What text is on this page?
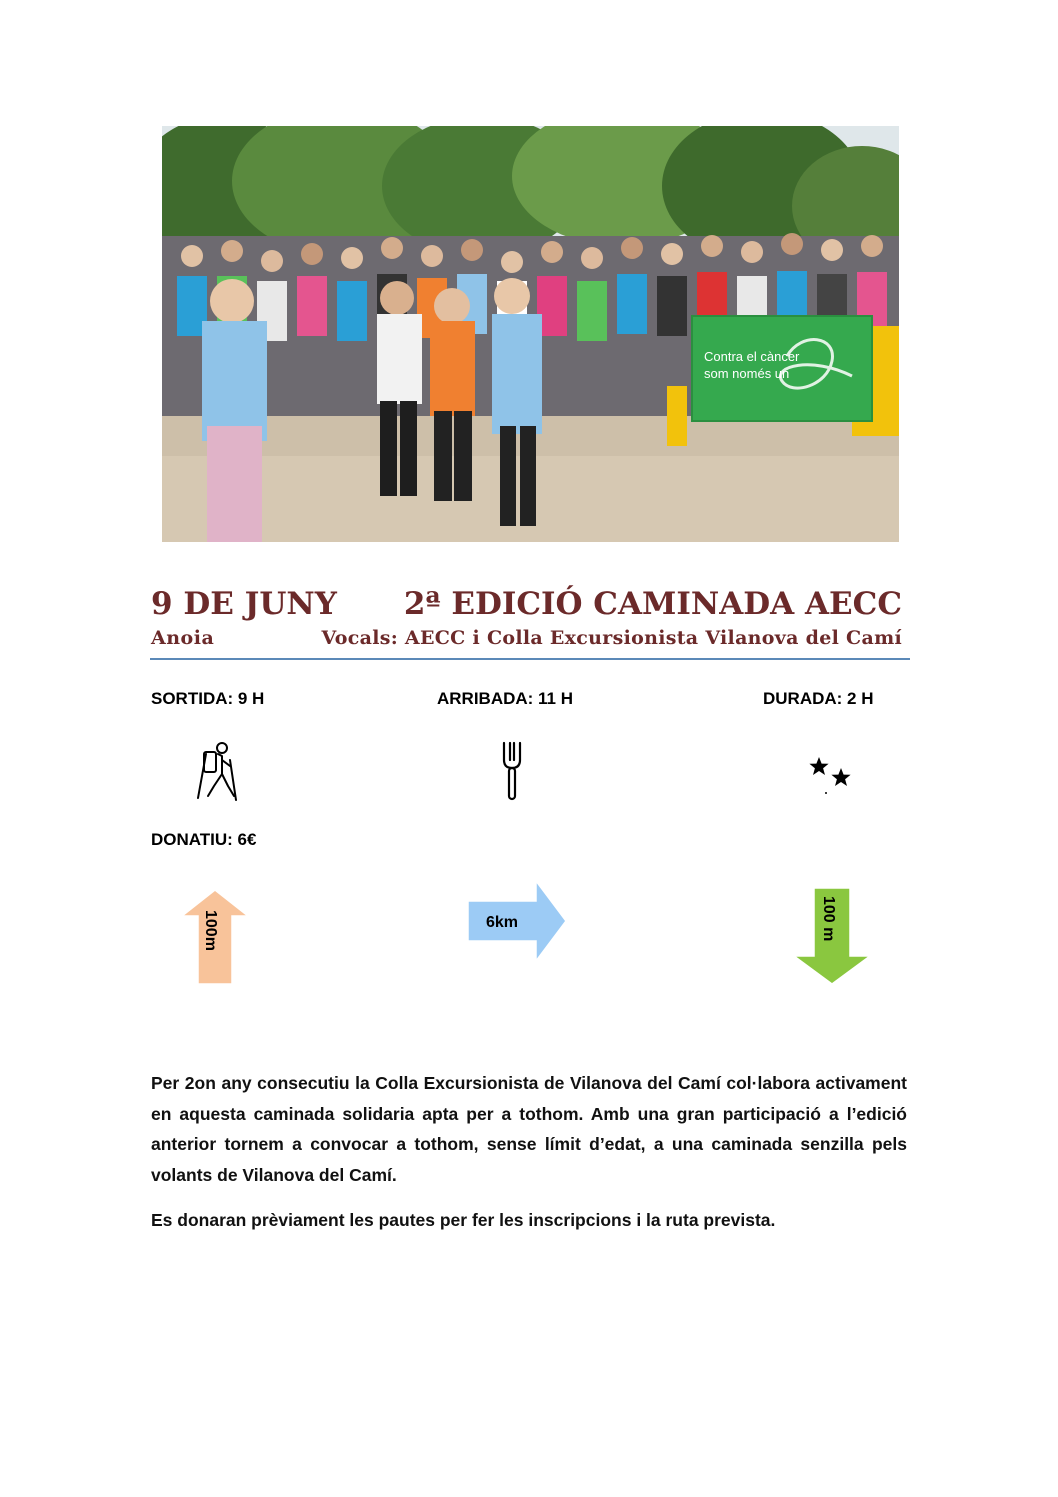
Contra el càncer
som només un
9 DE JUNY 2ª EDICIÓ CAMINADA AECC
Anoia	Vocals: AECC i Colla Excursionista Vilanova del Camí
SORTIDA: 9 H	ARRIBADA: 11 H	DURADA: 2 H
DONATIU: 6€
100m	6km	100 m
Per 2on any consecutiu la Colla Excursionista de Vilanova del Camí col·labora activament en aquesta caminada solidaria apta per a tothom. Amb una gran participació a l’edició anterior tornem a convocar a tothom, sense límit d’edat, a una caminada senzilla pels volants de Vilanova del Camí.
Es donaran prèviament les pautes per fer les inscripcions i la ruta prevista.
